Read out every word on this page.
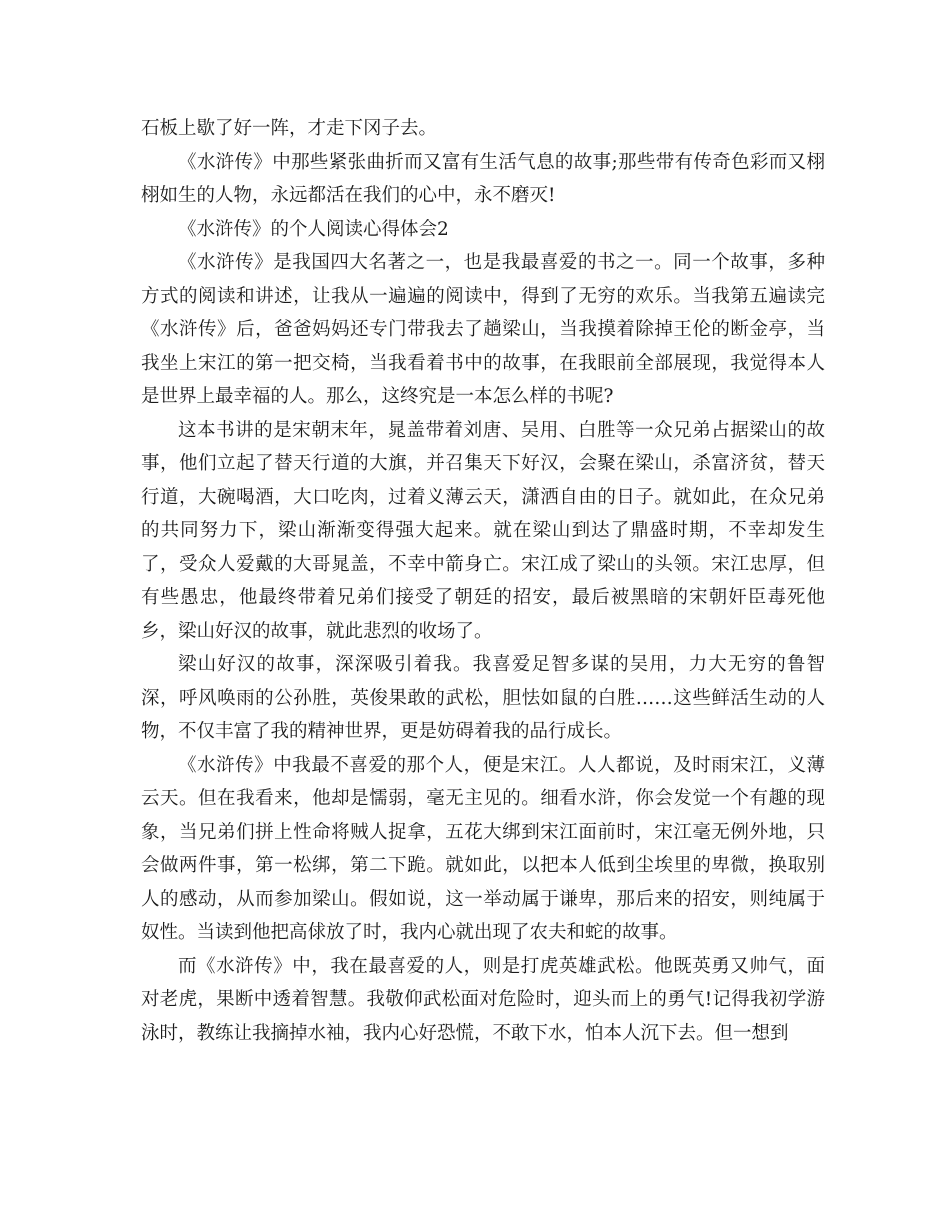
石板上歇了好一阵，才走下冈子去。

《水浒传》中那些紧张曲折而又富有生活气息的故事;那些带有传奇色彩而又栩栩如生的人物，永远都活在我们的心中，永不磨灭!

《水浒传》的个人阅读心得体会2

《水浒传》是我国四大名著之一，也是我最喜爱的书之一。同一个故事，多种方式的阅读和讲述，让我从一遍遍的阅读中，得到了无穷的欢乐。当我第五遍读完《水浒传》后，爸爸妈妈还专门带我去了趟梁山，当我摸着除掉王伦的断金亭，当我坐上宋江的第一把交椅，当我看着书中的故事，在我眼前全部展现，我觉得本人是世界上最幸福的人。那么，这终究是一本怎么样的书呢?

这本书讲的是宋朝末年，晁盖带着刘唐、吴用、白胜等一众兄弟占据梁山的故事，他们立起了替天行道的大旗，并召集天下好汉，会聚在梁山，杀富济贫，替天行道，大碗喝酒，大口吃肉，过着义薄云天，潇洒自由的日子。就如此，在众兄弟的共同努力下，梁山渐渐变得强大起来。就在梁山到达了鼎盛时期，不幸却发生了，受众人爱戴的大哥晁盖，不幸中箭身亡。宋江成了梁山的头领。宋江忠厚，但有些愚忠，他最终带着兄弟们接受了朝廷的招安，最后被黑暗的宋朝奸臣毒死他乡，梁山好汉的故事，就此悲烈的收场了。

梁山好汉的故事，深深吸引着我。我喜爱足智多谋的吴用，力大无穷的鲁智深，呼风唤雨的公孙胜，英俊果敢的武松，胆怯如鼠的白胜……这些鲜活生动的人物，不仅丰富了我的精神世界，更是妨碍着我的品行成长。

《水浒传》中我最不喜爱的那个人，便是宋江。人人都说，及时雨宋江，义薄云天。但在我看来，他却是懦弱，毫无主见的。细看水浒，你会发觉一个有趣的现象，当兄弟们拼上性命将贼人捉拿，五花大绑到宋江面前时，宋江毫无例外地，只会做两件事，第一松绑，第二下跪。就如此，以把本人低到尘埃里的卑微，换取别人的感动，从而参加梁山。假如说，这一举动属于谦卑，那后来的招安，则纯属于奴性。当读到他把高俅放了时，我内心就出现了农夫和蛇的故事。

而《水浒传》中，我在最喜爱的人，则是打虎英雄武松。他既英勇又帅气，面对老虎，果断中透着智慧。我敬仰武松面对危险时，迎头而上的勇气!记得我初学游泳时，教练让我摘掉水袖，我内心好恐慌，不敢下水，怕本人沉下去。但一想到
